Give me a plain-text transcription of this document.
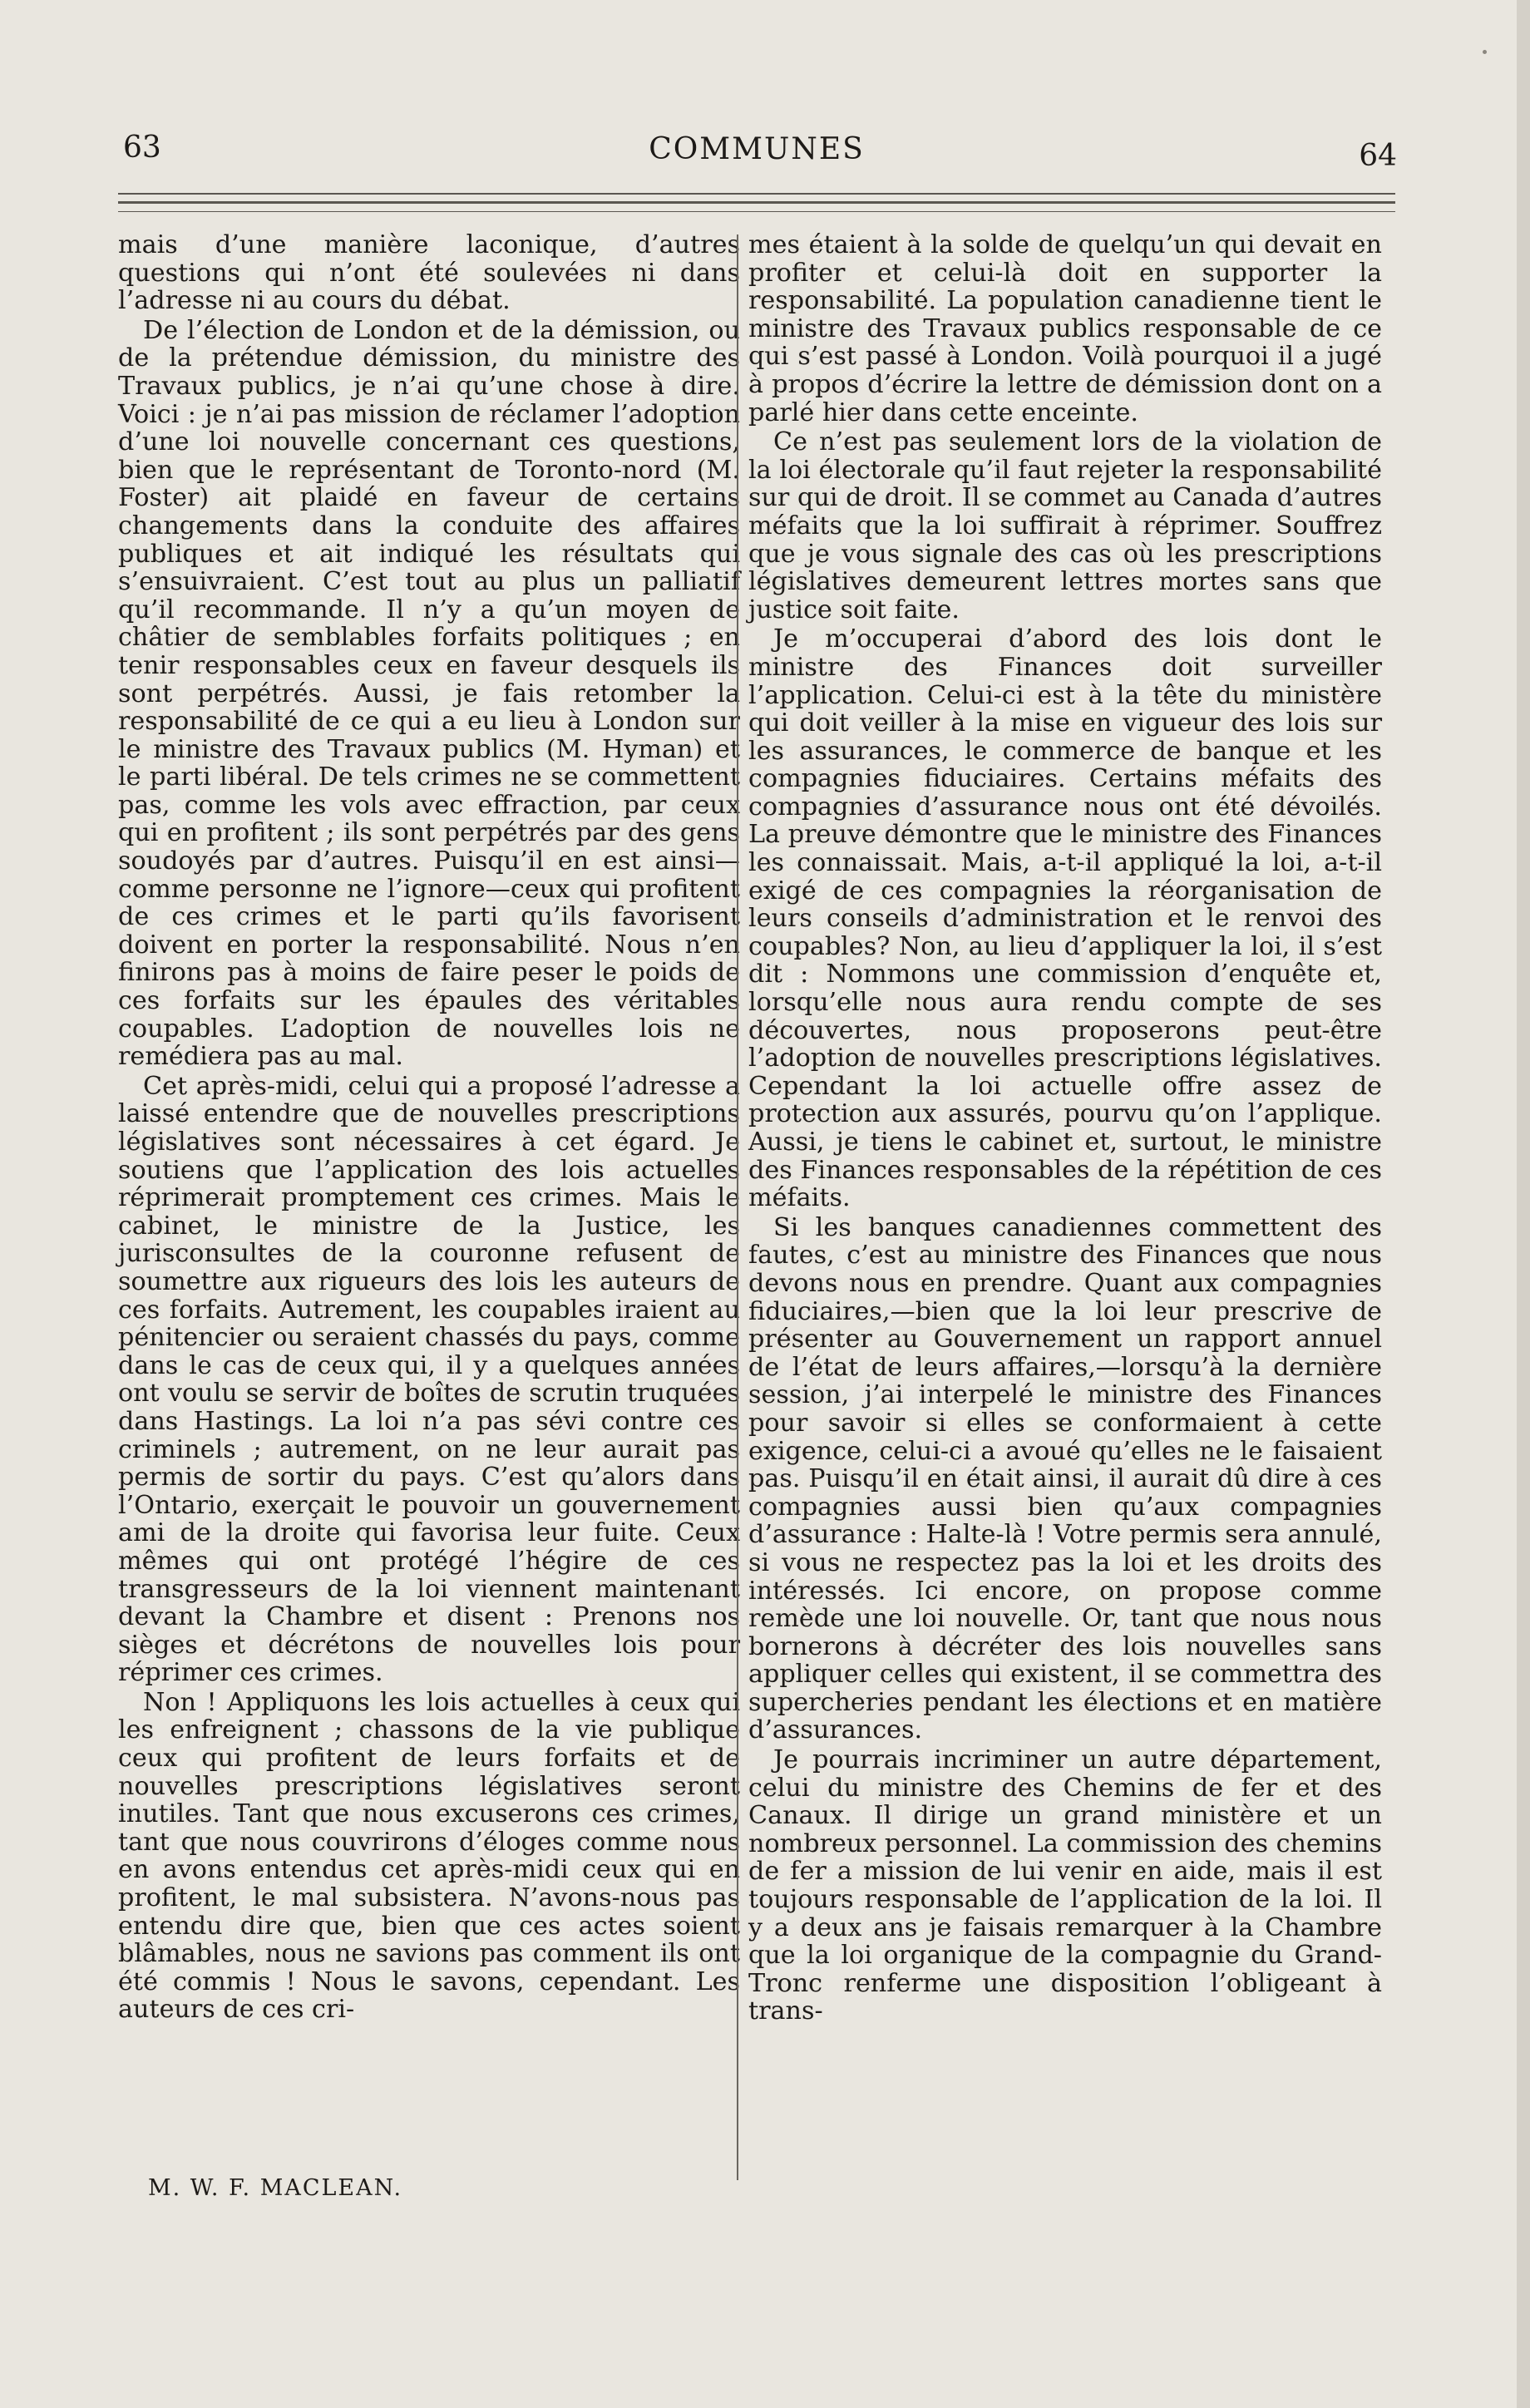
63	COMMUNES	64

mais d’une manière laconique, d’autres questions qui n’ont été soulevées ni dans l’adresse ni au cours du débat.

De l’élection de London et de la démission, ou de la prétendue démission, du ministre des Travaux publics, je n’ai qu’une chose à dire. Voici : je n’ai pas mission de réclamer l’adoption d’une loi nouvelle concernant ces questions, bien que le représentant de Toronto-nord (M. Foster) ait plaidé en faveur de certains changements dans la conduite des affaires publiques et ait indiqué les résultats qui s’ensuivraient. C’est tout au plus un palliatif qu’il recommande. Il n’y a qu’un moyen de châtier de semblables forfaits politiques ; en tenir responsables ceux en faveur desquels ils sont perpétrés. Aussi, je fais retomber la responsabilité de ce qui a eu lieu à London sur le ministre des Travaux publics (M. Hyman) et le parti libéral. De tels crimes ne se commettent pas, comme les vols avec effraction, par ceux qui en profitent ; ils sont perpétrés par des gens soudoyés par d’autres. Puisqu’il en est ainsi—comme personne ne l’ignore—ceux qui profitent de ces crimes et le parti qu’ils favorisent doivent en porter la responsabilité. Nous n’en finirons pas à moins de faire peser le poids de ces forfaits sur les épaules des véritables coupables. L’adoption de nouvelles lois ne remédiera pas au mal.

Cet après-midi, celui qui a proposé l’adresse a laissé entendre que de nouvelles prescriptions législatives sont nécessaires à cet égard. Je soutiens que l’application des lois actuelles réprimerait promptement ces crimes. Mais le cabinet, le ministre de la Justice, les jurisconsultes de la couronne refusent de soumettre aux rigueurs des lois les auteurs de ces forfaits. Autrement, les coupables iraient au pénitencier ou seraient chassés du pays, comme dans le cas de ceux qui, il y a quelques années ont voulu se servir de boîtes de scrutin truquées dans Hastings. La loi n’a pas sévi contre ces criminels ; autrement, on ne leur aurait pas permis de sortir du pays. C’est qu’alors dans l’Ontario, exerçait le pouvoir un gouvernement ami de la droite qui favorisa leur fuite. Ceux mêmes qui ont protégé l’hégire de ces transgresseurs de la loi viennent maintenant devant la Chambre et disent : Prenons nos sièges et décrétons de nouvelles lois pour réprimer ces crimes.

Non ! Appliquons les lois actuelles à ceux qui les enfreignent ; chassons de la vie publique ceux qui profitent de leurs forfaits et de nouvelles prescriptions législatives seront inutiles. Tant que nous excuserons ces crimes, tant que nous couvrirons d’éloges comme nous en avons entendus cet après-midi ceux qui en profitent, le mal subsistera. N’avons-nous pas entendu dire que, bien que ces actes soient blâmables, nous ne savions pas comment ils ont été commis ! Nous le savons, cependant. Les auteurs de ces cri-

mes étaient à la solde de quelqu’un qui devait en profiter et celui-là doit en supporter la responsabilité. La population canadienne tient le ministre des Travaux publics responsable de ce qui s’est passé à London. Voilà pourquoi il a jugé à propos d’écrire la lettre de démission dont on a parlé hier dans cette enceinte.

Ce n’est pas seulement lors de la violation de la loi électorale qu’il faut rejeter la responsabilité sur qui de droit. Il se commet au Canada d’autres méfaits que la loi suffirait à réprimer. Souffrez que je vous signale des cas où les prescriptions législatives demeurent lettres mortes sans que justice soit faite.

Je m’occuperai d’abord des lois dont le ministre des Finances doit surveiller l’application. Celui-ci est à la tête du ministère qui doit veiller à la mise en vigueur des lois sur les assurances, le commerce de banque et les compagnies fiduciaires. Certains méfaits des compagnies d’assurance nous ont été dévoilés. La preuve démontre que le ministre des Finances les connaissait. Mais, a-t-il appliqué la loi, a-t-il exigé de ces compagnies la réorganisation de leurs conseils d’administration et le renvoi des coupables? Non, au lieu d’appliquer la loi, il s’est dit : Nommons une commission d’enquête et, lorsqu’elle nous aura rendu compte de ses découvertes, nous proposerons peut-être l’adoption de nouvelles prescriptions législatives. Cependant la loi actuelle offre assez de protection aux assurés, pourvu qu’on l’applique. Aussi, je tiens le cabinet et, surtout, le ministre des Finances responsables de la répétition de ces méfaits.

Si les banques canadiennes commettent des fautes, c’est au ministre des Finances que nous devons nous en prendre. Quant aux compagnies fiduciaires,—bien que la loi leur prescrive de présenter au Gouvernement un rapport annuel de l’état de leurs affaires,—lorsqu’à la dernière session, j’ai interpelé le ministre des Finances pour savoir si elles se conformaient à cette exigence, celui-ci a avoué qu’elles ne le faisaient pas. Puisqu’il en était ainsi, il aurait dû dire à ces compagnies aussi bien qu’aux compagnies d’assurance : Halte-là ! Votre permis sera annulé, si vous ne respectez pas la loi et les droits des intéressés. Ici encore, on propose comme remède une loi nouvelle. Or, tant que nous nous bornerons à décréter des lois nouvelles sans appliquer celles qui existent, il se commettra des supercheries pendant les élections et en matière d’assurances.

Je pourrais incriminer un autre département, celui du ministre des Chemins de fer et des Canaux. Il dirige un grand ministère et un nombreux personnel. La commission des chemins de fer a mission de lui venir en aide, mais il est toujours responsable de l’application de la loi. Il y a deux ans je faisais remarquer à la Chambre que la loi organique de la compagnie du Grand-Tronc renferme une disposition l’obligeant à trans-

M. W. F. MACLEAN.
